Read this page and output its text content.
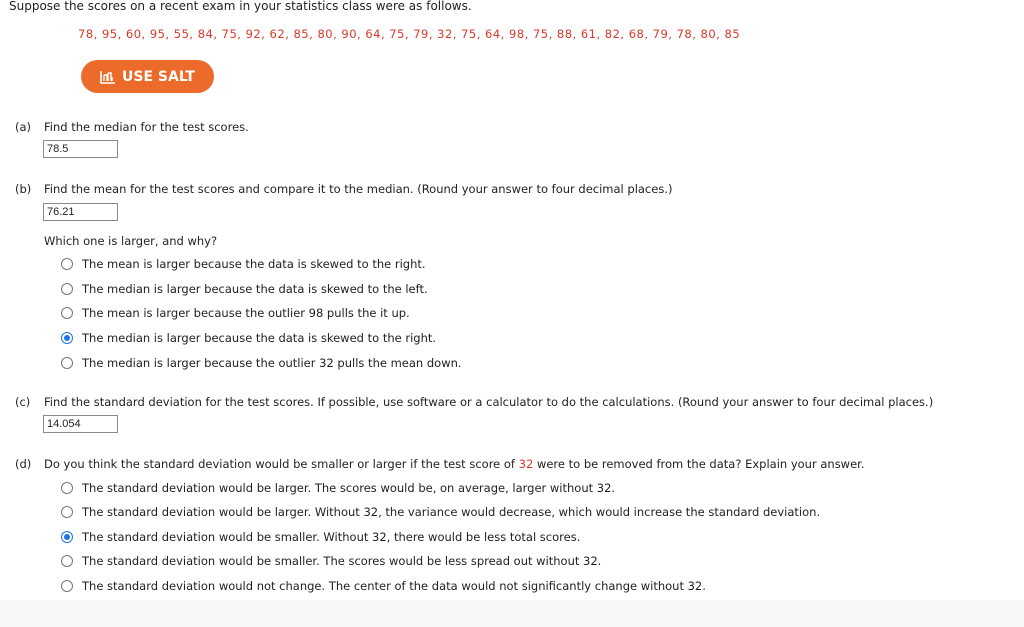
Suppose the scores on a recent exam in your statistics class were as follows.
78, 95, 60, 95, 55, 84, 75, 92, 62, 85, 80, 90, 64, 75, 79, 32, 75, 64, 98, 75, 88, 61, 82, 68, 79, 78, 80, 85
USE SALT
(a) Find the median for the test scores.
78.5
(b) Find the mean for the test scores and compare it to the median. (Round your answer to four decimal places.)
76.21
Which one is larger, and why?
The mean is larger because the data is skewed to the right.
The median is larger because the data is skewed to the left.
The mean is larger because the outlier 98 pulls the it up.
The median is larger because the data is skewed to the right.
The median is larger because the outlier 32 pulls the mean down.
(c) Find the standard deviation for the test scores. If possible, use software or a calculator to do the calculations. (Round your answer to four decimal places.)
14.054
(d) Do you think the standard deviation would be smaller or larger if the test score of 32 were to be removed from the data? Explain your answer.
The standard deviation would be larger. The scores would be, on average, larger without 32.
The standard deviation would be larger. Without 32, the variance would decrease, which would increase the standard deviation.
The standard deviation would be smaller. Without 32, there would be less total scores.
The standard deviation would be smaller. The scores would be less spread out without 32.
The standard deviation would not change. The center of the data would not significantly change without 32.
